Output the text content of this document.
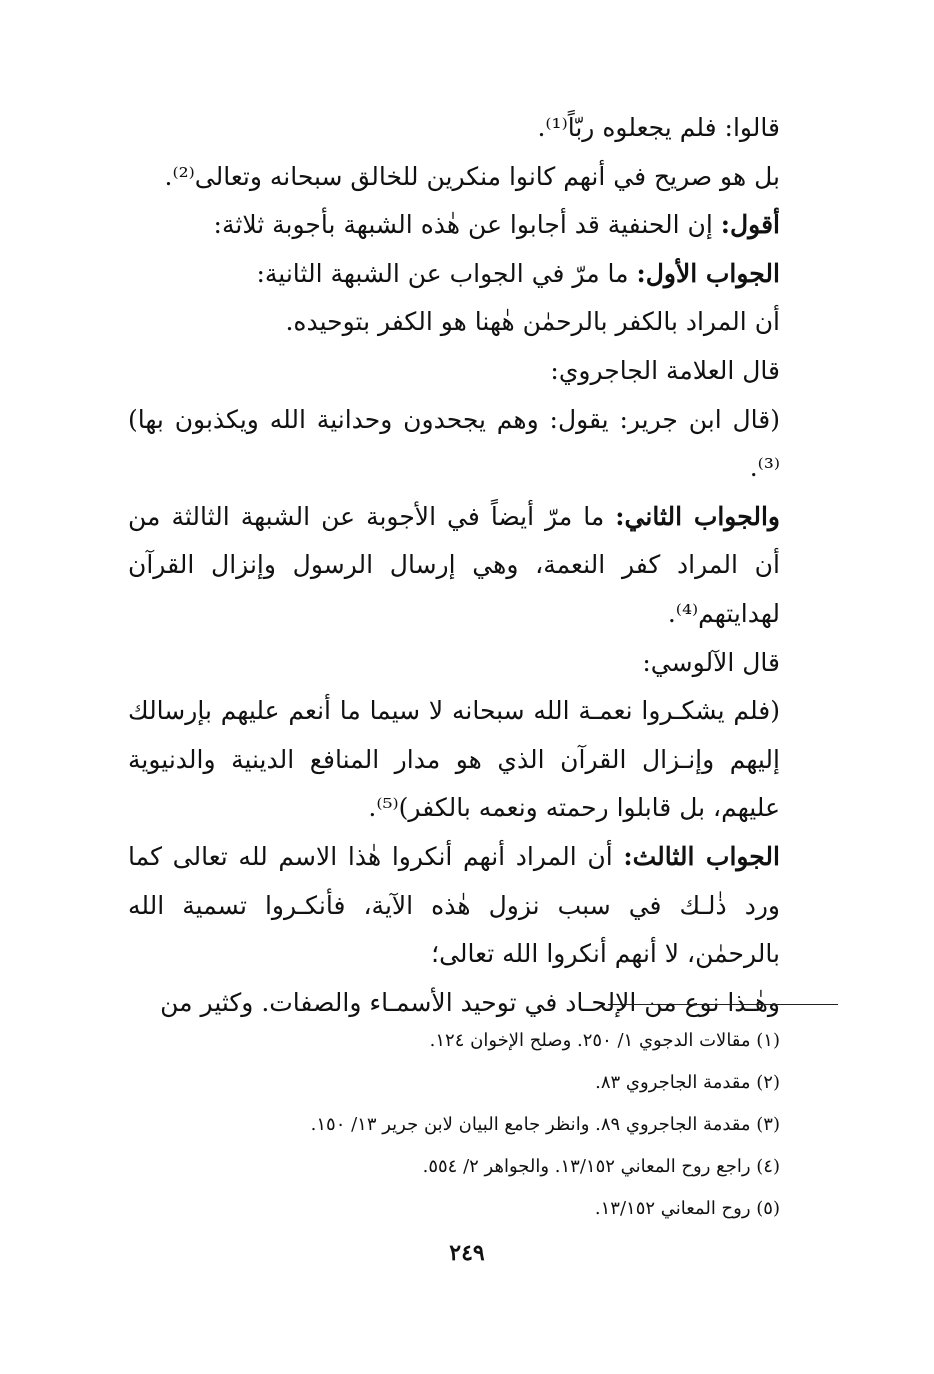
قالوا: فلم يجعلوه ربّاً⁽¹⁾.

بل هو صريح في أنهم كانوا منكرين للخالق سبحانه وتعالى⁽²⁾.

أقول: إن الحنفية قد أجابوا عن هٰذه الشبهة بأجوبة ثلاثة:

الجواب الأول: ما مرّ في الجواب عن الشبهة الثانية:

أن المراد بالكفر بالرحمٰن هٰهنا هو الكفر بتوحيده.

قال العلامة الجاجروي:

(قال ابن جرير: يقول: وهم يجحدون وحدانية الله ويكذبون بها)⁽³⁾.

والجواب الثاني: ما مرّ أيضاً في الأجوبة عن الشبهة الثالثة من أن المراد كفر النعمة، وهي إرسال الرسول وإنزال القرآن لهدايتهم⁽⁴⁾.

قال الآلوسي:

(فلم يشكـروا نعمـة الله سبحانه لا سيما ما أنعم عليهم بإرسالك إليهم وإنـزال القرآن الذي هو مدار المنافع الدينية والدنيوية عليهم، بل قابلوا رحمته ونعمه بالكفر)⁽⁵⁾.

الجواب الثالث: أن المراد أنهم أنكروا هٰذا الاسم لله تعالى كما ورد ذٰلـك في سبب نزول هٰذه الآية، فأنكـروا تسمية الله بالرحمٰن، لا أنهم أنكروا الله تعالى؛

وهٰـذا نوع من الإلحـاد في توحيد الأسمـاء والصفات. وكثير من

(١) مقالات الدجوي ١/ ٢٥٠. وصلح الإخوان ١٢٤.

(٢) مقدمة الجاجروي ٨٣.

(٣) مقدمة الجاجروي ٨٩. وانظر جامع البيان لابن جرير ١٣/ ١٥٠.

(٤) راجع روح المعاني ١٣/١٥٢. والجواهر ٢/ ٥٥٤.

(٥) روح المعاني ١٣/١٥٢.

٢٤٩
